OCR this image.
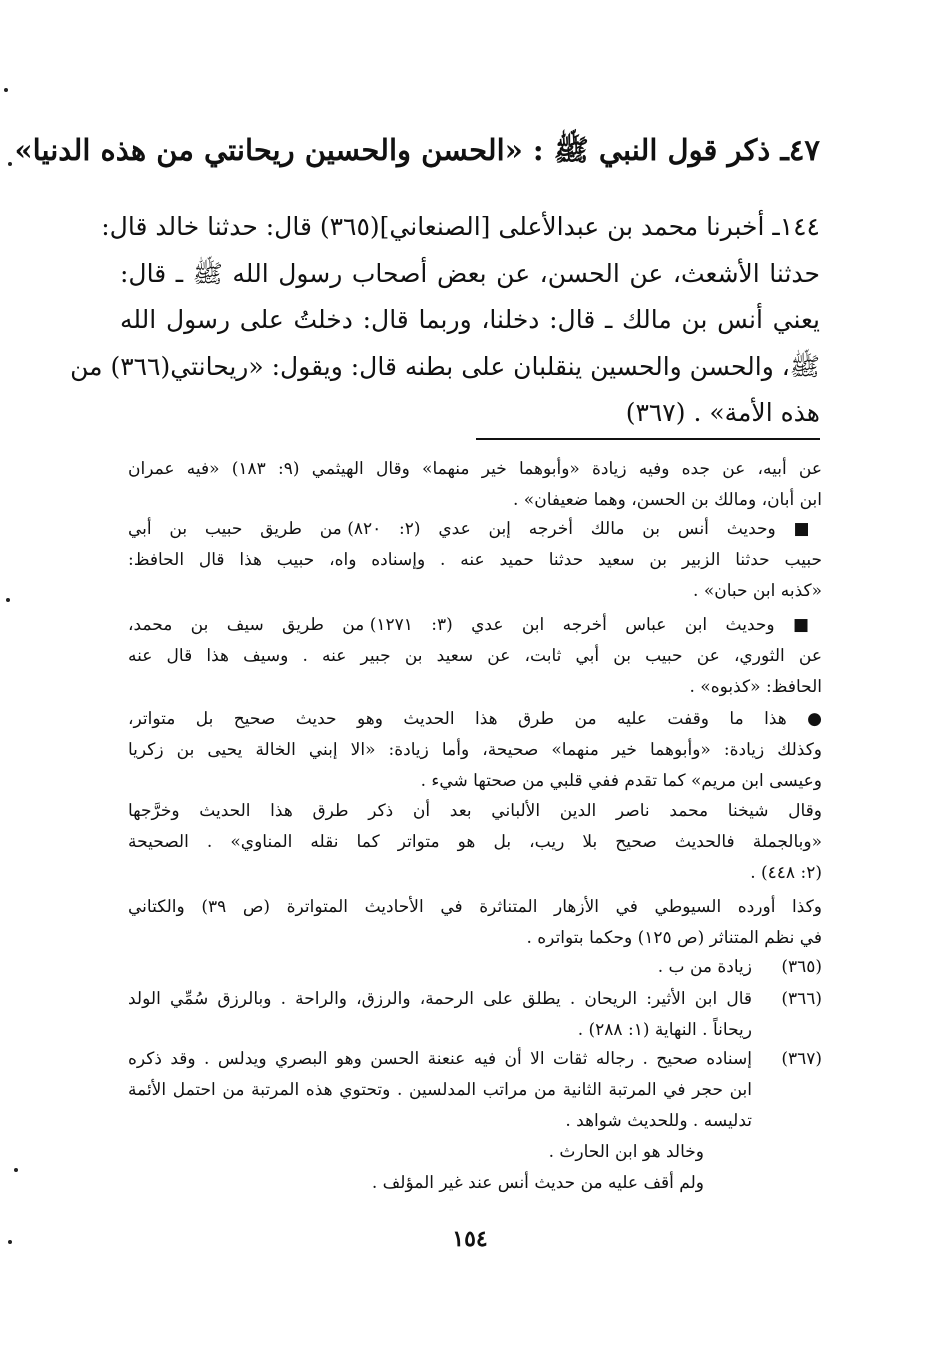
٤٧ـ ذكر قول النبي ﷺ : «الحسن والحسين ريحانتي من هذه الدنيا»
١٤٤ـ أخبرنا محمد بن عبدالأعلى [الصنعاني](٣٦٥) قال: حدثنا خالد قال:
حدثنا الأشعث، عن الحسن، عن بعض أصحاب رسول الله ﷺ ـ قال:
يعني أنس بن مالك ـ قال: دخلنا، وربما قال: دخلتُ على رسول الله
ﷺ، والحسن والحسين ينقلبان على بطنه قال: ويقول: «ريحانتي(٣٦٦) من
هذه الأمة» . (٣٦٧)
عن أبيه، عن جده وفيه زيادة «وأبوهما خير منهما» وقال الهيثمي (٩: ١٨٣) «فيه عمران
ابن أبان، ومالك بن الحسن، وهما ضعيفان» .
■ وحديث أنس بن مالك أخرجه إبن عدي (٢: ٨٢٠) من طريق حبيب بن أبي
حبيب حدثنا الزبير بن سعيد حدثنا حميد عنه . وإسناده واه، حبيب هذا قال الحافظ:
«كذبه ابن حبان» .
■ وحديث ابن عباس أخرجه ابن عدي (٣: ١٢٧١) من طريق سيف بن محمد،
عن الثوري، عن حبيب بن أبي ثابت، عن سعيد بن جبير عنه . وسيف هذا قال عنه
الحافظ: «كذبوه» .
● هذا ما وقفت عليه من طرق هذا الحديث وهو حديث صحيح بل متواتر،
وكذلك زيادة: «وأبوهما خير منهما» صحيحة، وأما زيادة: «الا إبني الخالة يحيى بن زكريا
وعيسى ابن مريم» كما تقدم ففي قلبي من صحتها شيء .
وقال شيخنا محمد ناصر الدين الألباني بعد أن ذكر طرق هذا الحديث وخرَّجها
«وبالجملة فالحديث صحيح بلا ريب، بل هو متواتر كما نقله المناوي» . الصحيحة
(٢: ٤٤٨) .
وكذا أورده السيوطي في الأزهار المتناثرة في الأحاديث المتواترة (ص ٣٩) والكتاني
في نظم المتناثر (ص ١٢٥) وحكما بتواتره .
(٣٦٥)
زيادة من ب .
(٣٦٦)
قال ابن الأثير: الريحان . يطلق على الرحمة، والرزق، والراحة . وبالرزق سُمِّي الولد
ريحاناً . النهاية (١: ٢٨٨) .
(٣٦٧)
إسناده صحيح . رجاله ثقات الا أن فيه عنعنة الحسن وهو البصري ويدلس . وقد ذكره
ابن حجر في المرتبة الثانية من مراتب المدلسين . وتحتوي هذه المرتبة من احتمل الأئمة
تدليسه . وللحديث شواهد .
وخالد هو ابن الحارث .
ولم أقف عليه من حديث أنس عند غير المؤلف .
١٥٤
